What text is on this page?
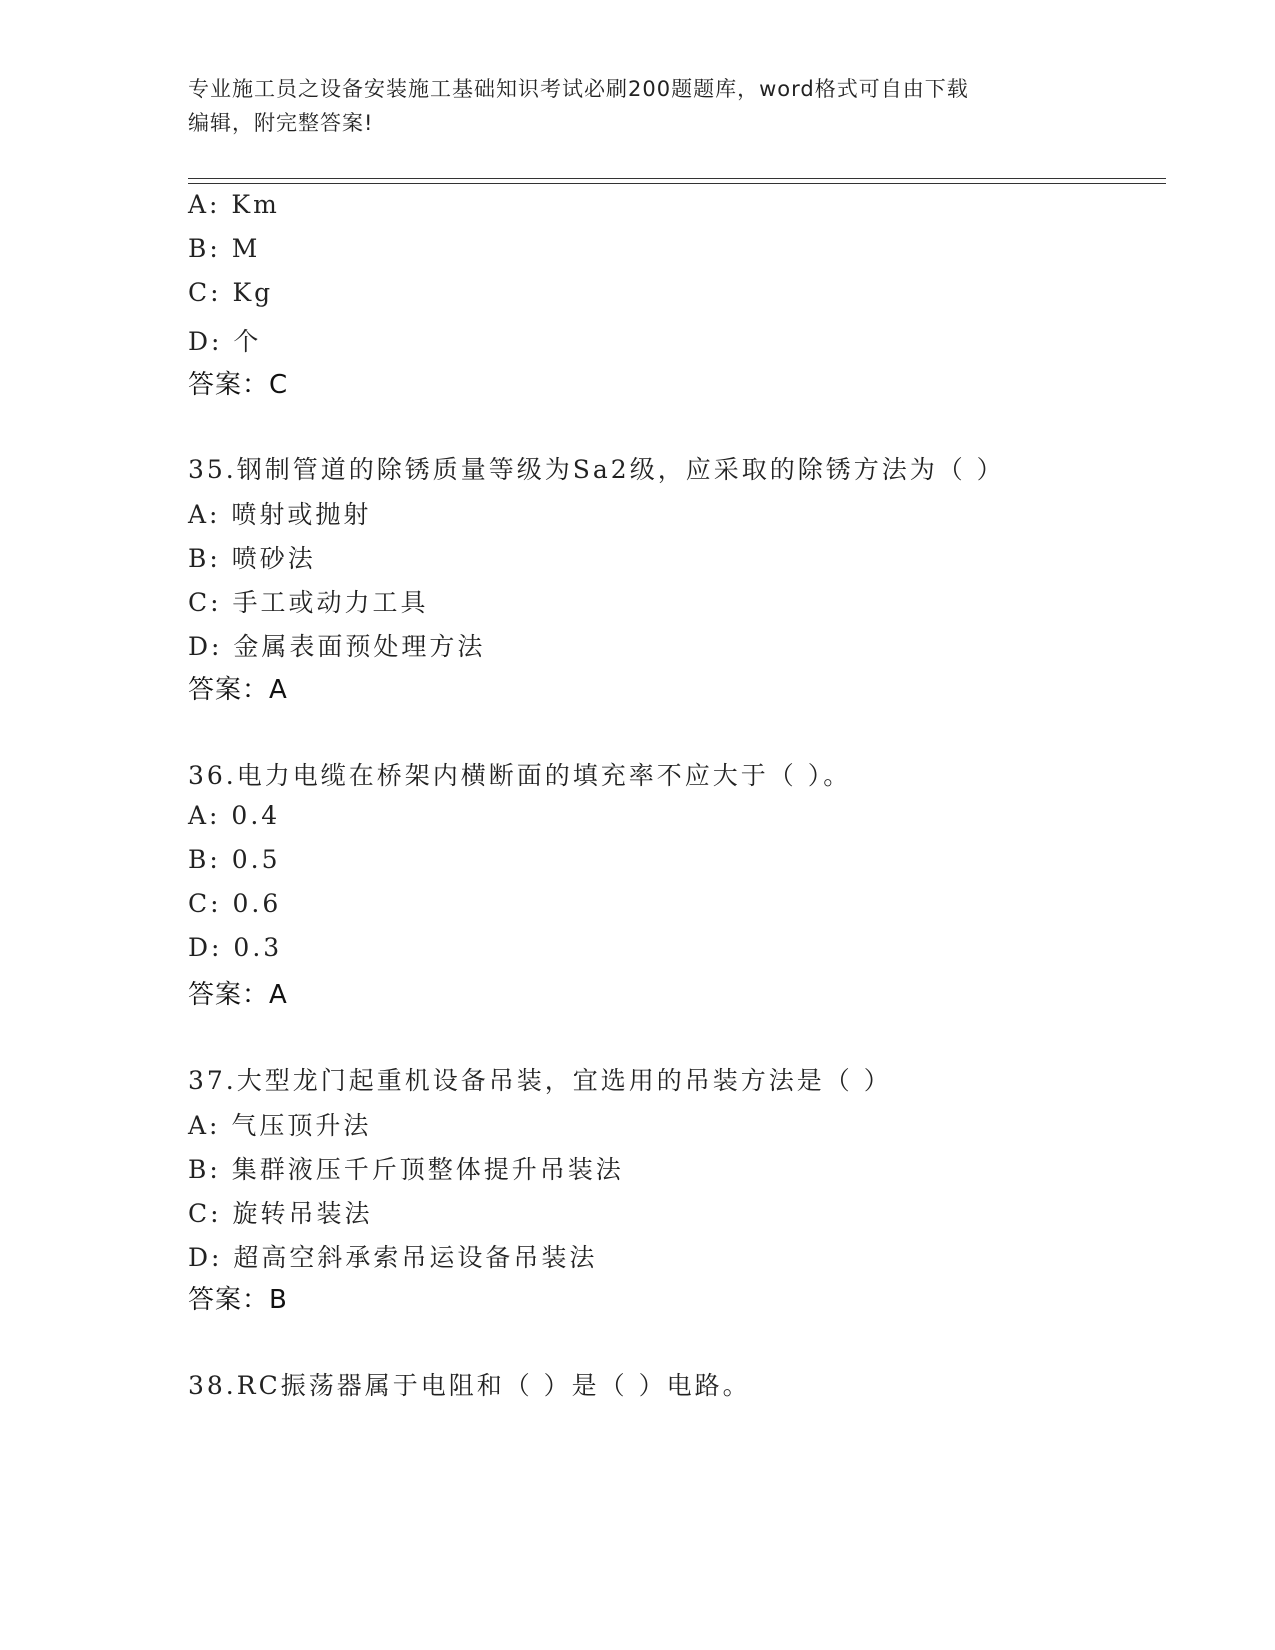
专业施工员之设备安装施工基础知识考试必刷200题题库，word格式可自由下载
编辑，附完整答案!
A: Km
B: M
C: Kg
D: 个
答案：C
35.钢制管道的除锈质量等级为Sa2级，应采取的除锈方法为（ ）
A: 喷射或抛射
B: 喷砂法
C: 手工或动力工具
D: 金属表面预处理方法
答案：A
36.电力电缆在桥架内横断面的填充率不应大于（ ）。
A: 0.4
B: 0.5
C: 0.6
D: 0.3
答案：A
37.大型龙门起重机设备吊装，宜选用的吊装方法是（ ）
A: 气压顶升法
B: 集群液压千斤顶整体提升吊装法
C: 旋转吊装法
D: 超高空斜承索吊运设备吊装法
答案：B
38.RC振荡器属于电阻和（ ）是（ ）电路。
